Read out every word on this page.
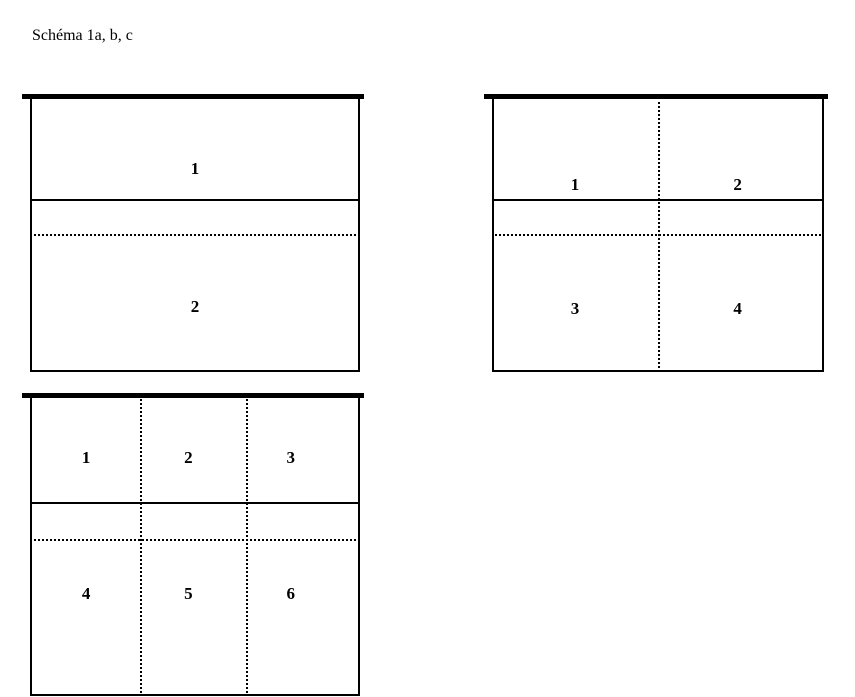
Schéma 1a, b, c
1
2
1	2
3	4
1	2	3
4	5	6
